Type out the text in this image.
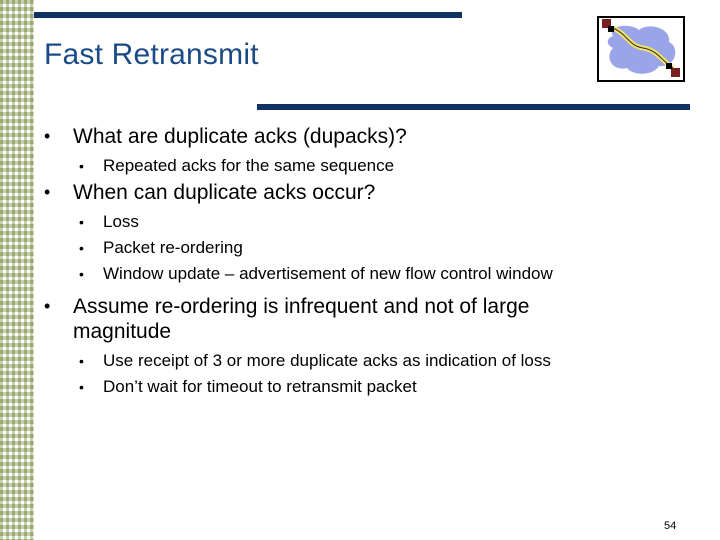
Fast Retransmit
• What are duplicate acks (dupacks)?
• Repeated acks for the same sequence
• When can duplicate acks occur?
• Loss
• Packet re-ordering
• Window update – advertisement of new flow control window
• Assume re-ordering is infrequent and not of large magnitude
• Use receipt of 3 or more duplicate acks as indication of loss
• Don’t wait for timeout to retransmit packet
54
